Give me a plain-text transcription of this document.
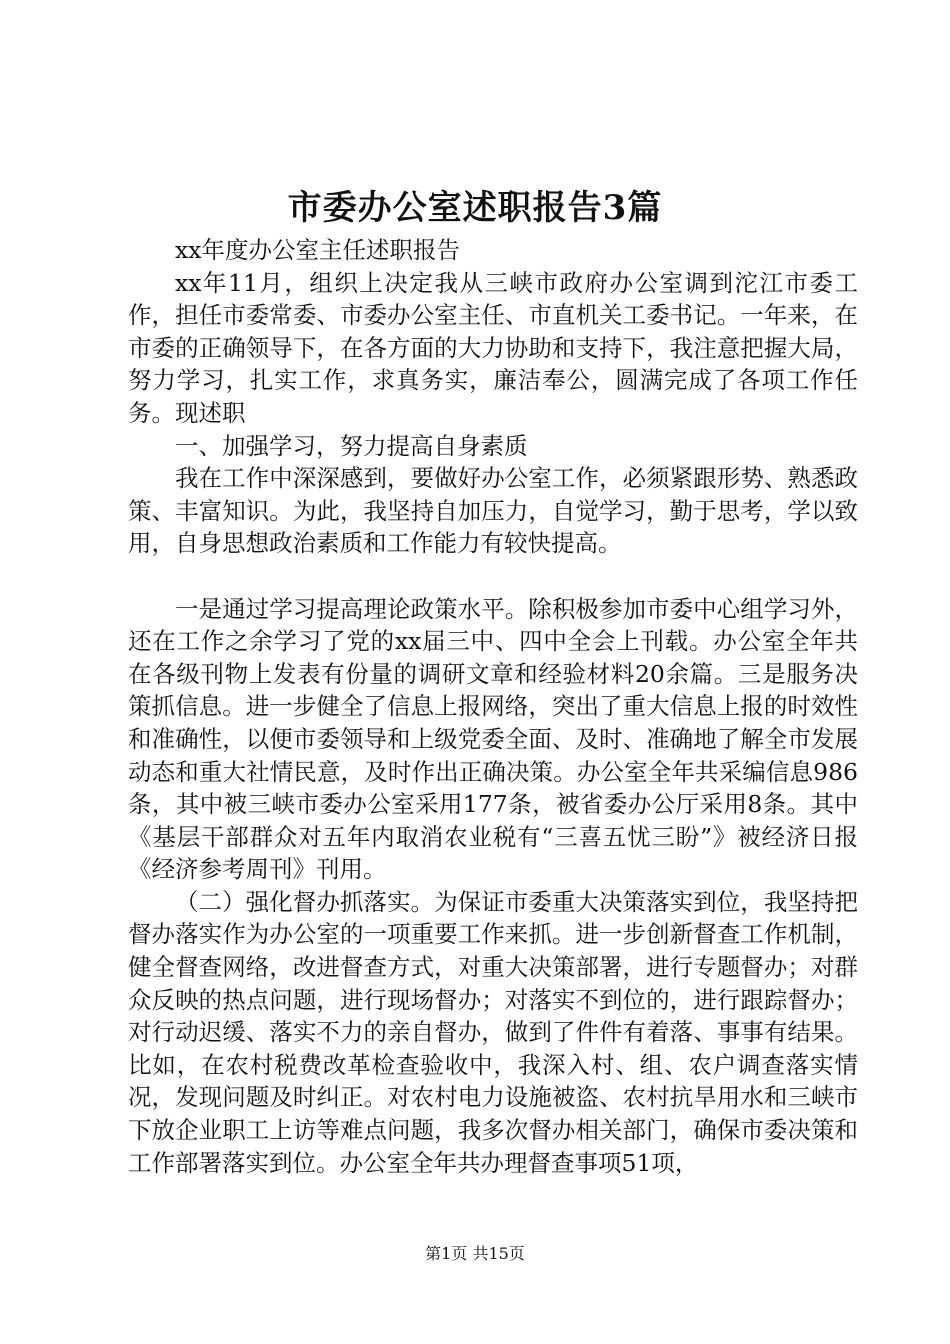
市委办公室述职报告3篇

xx年度办公室主任述职报告

xx年11月，组织上决定我从三峡市政府办公室调到沱江市委工作，担任市委常委、市委办公室主任、市直机关工委书记。一年来，在市委的正确领导下，在各方面的大力协助和支持下，我注意把握大局，努力学习，扎实工作，求真务实，廉洁奉公，圆满完成了各项工作任务。现述职

一、加强学习，努力提高自身素质

我在工作中深深感到，要做好办公室工作，必须紧跟形势、熟悉政策、丰富知识。为此，我坚持自加压力，自觉学习，勤于思考，学以致用，自身思想政治素质和工作能力有较快提高。

一是通过学习提高理论政策水平。除积极参加市委中心组学习外，还在工作之余学习了党的xx届三中、四中全会上刊载。办公室全年共在各级刊物上发表有份量的调研文章和经验材料20余篇。三是服务决策抓信息。进一步健全了信息上报网络，突出了重大信息上报的时效性和准确性，以便市委领导和上级党委全面、及时、准确地了解全市发展动态和重大社情民意，及时作出正确决策。办公室全年共采编信息986条，其中被三峡市委办公室采用177条，被省委办公厅采用8条。其中《基层干部群众对五年内取消农业税有“三喜五忧三盼”》被经济日报《经济参考周刊》刊用。

（二）强化督办抓落实。为保证市委重大决策落实到位，我坚持把督办落实作为办公室的一项重要工作来抓。进一步创新督查工作机制，健全督查网络，改进督查方式，对重大决策部署，进行专题督办；对群众反映的热点问题，进行现场督办；对落实不到位的，进行跟踪督办；对行动迟缓、落实不力的亲自督办，做到了件件有着落、事事有结果。比如，在农村税费改革检查验收中，我深入村、组、农户调查落实情况，发现问题及时纠正。对农村电力设施被盗、农村抗旱用水和三峡市下放企业职工上访等难点问题，我多次督办相关部门，确保市委决策和工作部署落实到位。办公室全年共办理督查事项51项，

第1页 共15页
